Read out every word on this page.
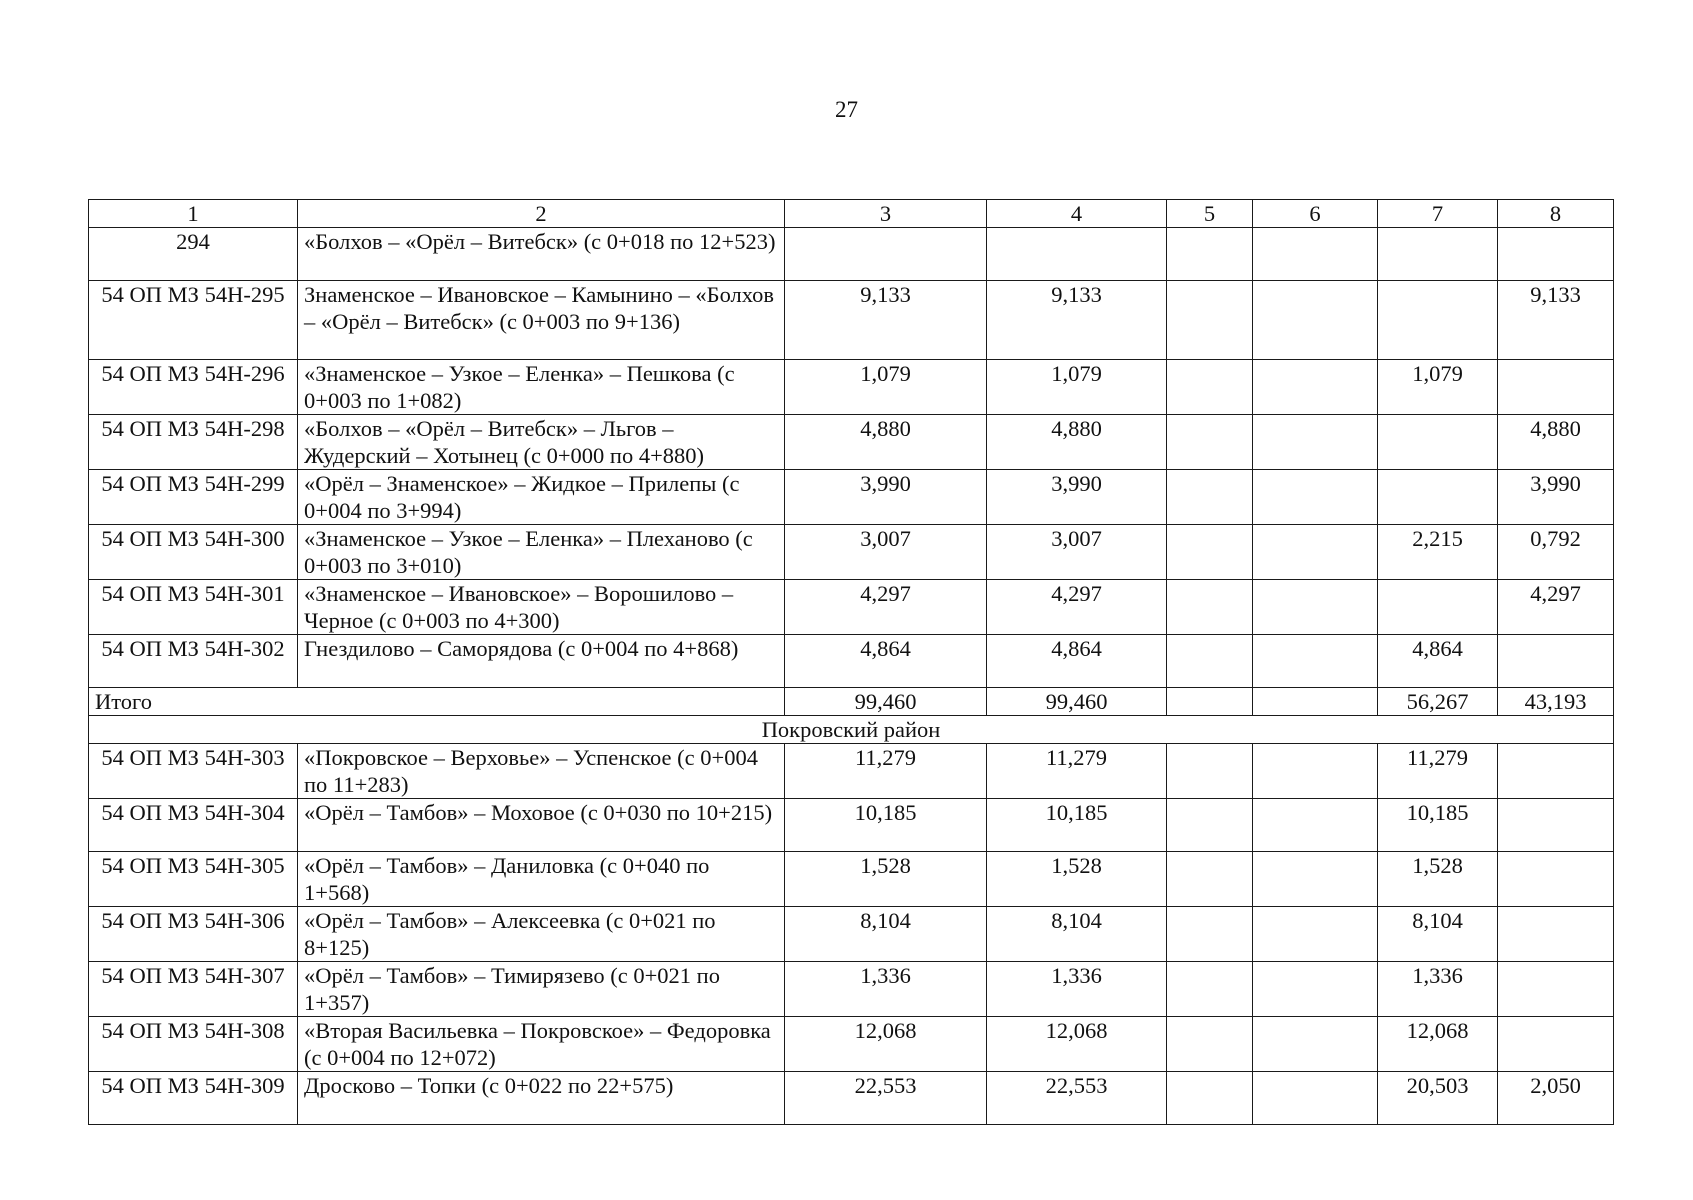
27
1	2	3	4	5	6	7	8
294	«Болхов – «Орёл – Витебск» (с 0+018 по 12+523)						
54 ОП МЗ 54Н-295	Знаменское – Ивановское – Камынино – «Болхов – «Орёл – Витебск» (с 0+003 по 9+136)	9,133	9,133				9,133
54 ОП МЗ 54Н-296	«Знаменское – Узкое – Еленка» – Пешкова (с 0+003 по 1+082)	1,079	1,079			1,079	
54 ОП МЗ 54Н-298	«Болхов – «Орёл – Витебск» – Льгов – Жудерский – Хотынец (с 0+000 по 4+880)	4,880	4,880				4,880
54 ОП МЗ 54Н-299	«Орёл – Знаменское» – Жидкое – Прилепы (с 0+004 по 3+994)	3,990	3,990				3,990
54 ОП МЗ 54Н-300	«Знаменское – Узкое – Еленка» – Плеханово (с 0+003 по 3+010)	3,007	3,007			2,215	0,792
54 ОП МЗ 54Н-301	«Знаменское – Ивановское» – Ворошилово – Черное (с 0+003 по 4+300)	4,297	4,297				4,297
54 ОП МЗ 54Н-302	Гнездилово – Саморядова (с 0+004 по 4+868)	4,864	4,864			4,864	
Итого		99,460	99,460			56,267	43,193
Покровский район							
54 ОП МЗ 54Н-303	«Покровское – Верховье» – Успенское (с 0+004 по 11+283)	11,279	11,279			11,279	
54 ОП МЗ 54Н-304	«Орёл – Тамбов» – Моховое (с 0+030 по 10+215)	10,185	10,185			10,185	
54 ОП МЗ 54Н-305	«Орёл – Тамбов» – Даниловка (с 0+040 по 1+568)	1,528	1,528			1,528	
54 ОП МЗ 54Н-306	«Орёл – Тамбов» – Алексеевка (с 0+021 по 8+125)	8,104	8,104			8,104	
54 ОП МЗ 54Н-307	«Орёл – Тамбов» – Тимирязево (с 0+021 по 1+357)	1,336	1,336			1,336	
54 ОП МЗ 54Н-308	«Вторая Васильевка – Покровское» – Федоровка (с 0+004 по 12+072)	12,068	12,068			12,068	
54 ОП МЗ 54Н-309	Дросково – Топки (с 0+022 по 22+575)	22,553	22,553			20,503	2,050
